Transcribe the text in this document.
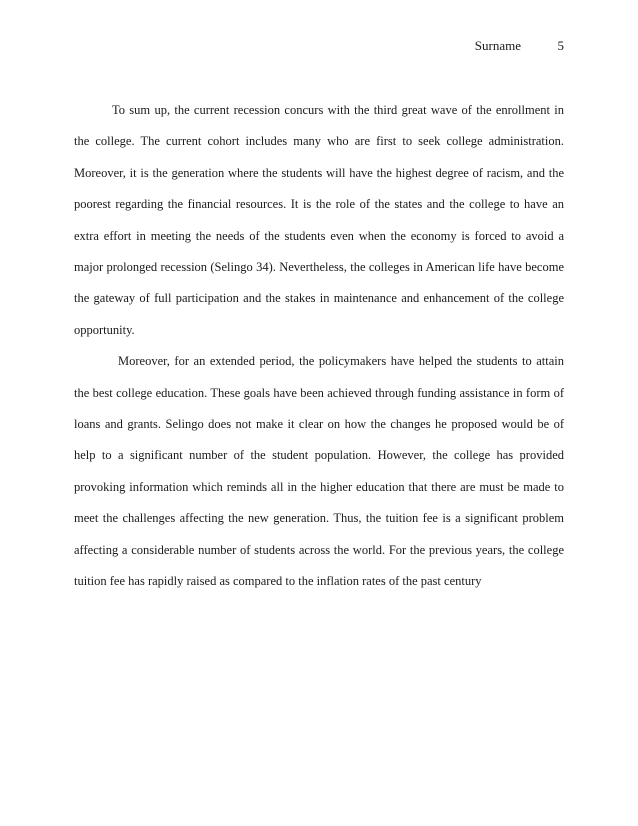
Surname	5

To sum up, the current recession concurs with the third great wave of the enrollment in the college. The current cohort includes many who are first to seek college administration. Moreover, it is the generation where the students will have the highest degree of racism, and the poorest regarding the financial resources. It is the role of the states and the college to have an extra effort in meeting the needs of the students even when the economy is forced to avoid a major prolonged recession (Selingo 34). Nevertheless, the colleges in American life have become the gateway of full participation and the stakes in maintenance and enhancement of the college opportunity.

Moreover, for an extended period, the policymakers have helped the students to attain the best college education. These goals have been achieved through funding assistance in form of loans and grants. Selingo does not make it clear on how the changes he proposed would be of help to a significant number of the student population. However, the college has provided provoking information which reminds all in the higher education that there are must be made to meet the challenges affecting the new generation. Thus, the tuition fee is a significant problem affecting a considerable number of students across the world. For the previous years, the college tuition fee has rapidly raised as compared to the inflation rates of the past century
